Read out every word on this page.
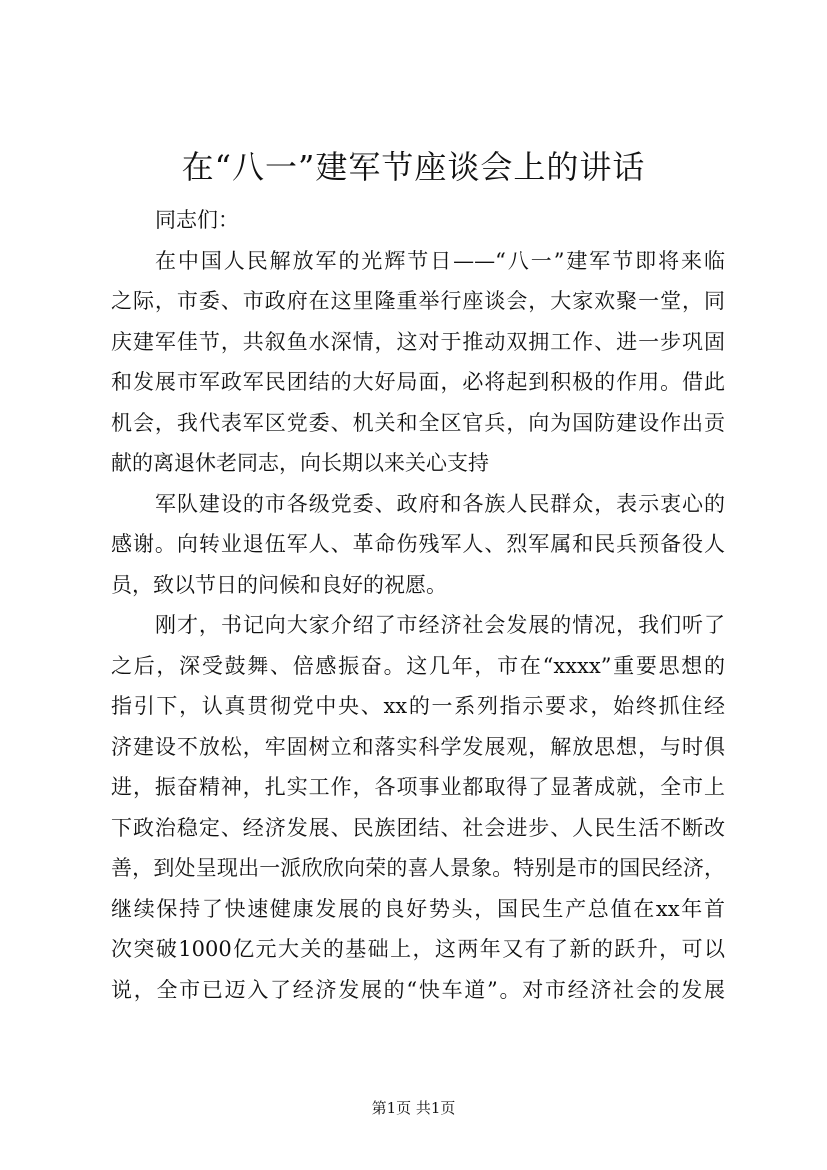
在“八一”建军节座谈会上的讲话
同志们：
在中国人民解放军的光辉节日——“八一”建军节即将来临
之际，市委、市政府在这里隆重举行座谈会，大家欢聚一堂，同
庆建军佳节，共叙鱼水深情，这对于推动双拥工作、进一步巩固
和发展市军政军民团结的大好局面，必将起到积极的作用。借此
机会，我代表军区党委、机关和全区官兵，向为国防建设作出贡
献的离退休老同志，向长期以来关心支持
军队建设的市各级党委、政府和各族人民群众，表示衷心的
感谢。向转业退伍军人、革命伤残军人、烈军属和民兵预备役人
员，致以节日的问候和良好的祝愿。
刚才，书记向大家介绍了市经济社会发展的情况，我们听了
之后，深受鼓舞、倍感振奋。这几年，市在“xxxx”重要思想的
指引下，认真贯彻党中央、xx的一系列指示要求，始终抓住经
济建设不放松，牢固树立和落实科学发展观，解放思想，与时俱
进，振奋精神，扎实工作，各项事业都取得了显著成就，全市上
下政治稳定、经济发展、民族团结、社会进步、人民生活不断改
善，到处呈现出一派欣欣向荣的喜人景象。特别是市的国民经济，
继续保持了快速健康发展的良好势头，国民生产总值在xx年首
次突破1000亿元大关的基础上，这两年又有了新的跃升，可以
说，全市已迈入了经济发展的“快车道”。对市经济社会的发展
第1页 共1页
